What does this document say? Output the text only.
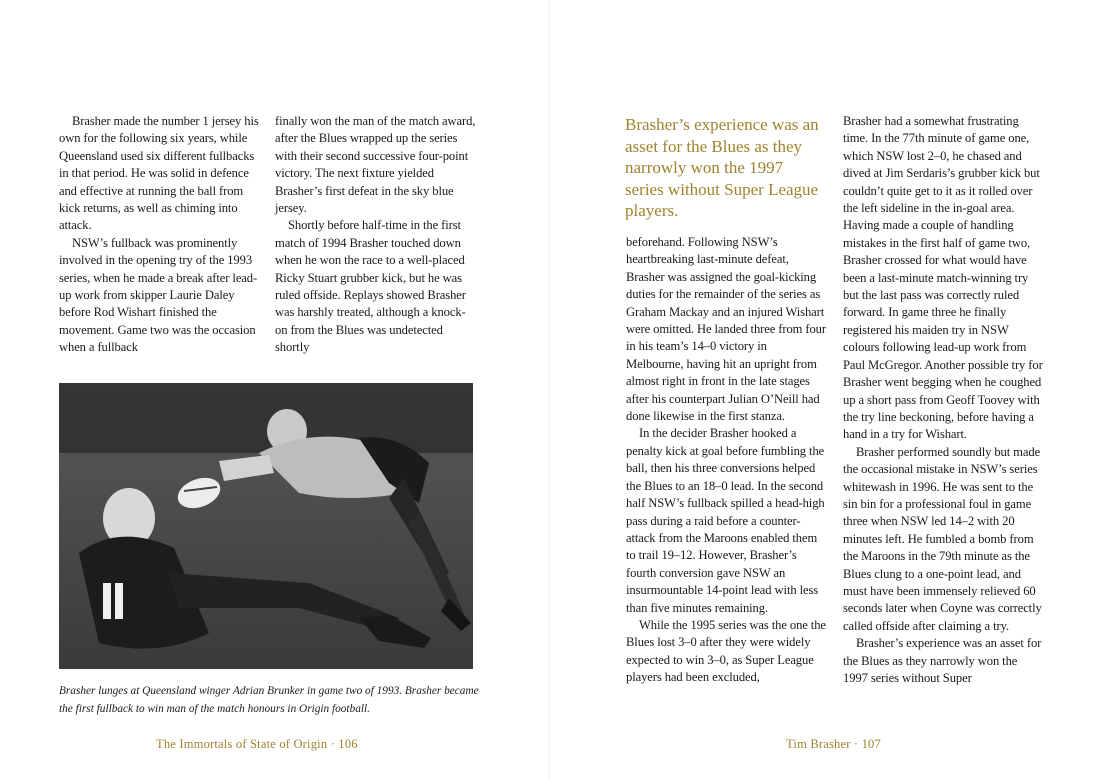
Brasher made the number 1 jersey his own for the following six years, while Queensland used six different fullbacks in that period. He was solid in defence and effective at running the ball from kick returns, as well as chiming into attack.

NSW’s fullback was prominently involved in the opening try of the 1993 series, when he made a break after lead-up work from skipper Laurie Daley before Rod Wishart finished the movement. Game two was the occasion when a fullback

finally won the man of the match award, after the Blues wrapped up the series with their second successive four-point victory. The next fixture yielded Brasher’s first defeat in the sky blue jersey.

Shortly before half-time in the first match of 1994 Brasher touched down when he won the race to a well-placed Ricky Stuart grubber kick, but he was ruled offside. Replays showed Brasher was harshly treated, although a knock-on from the Blues was undetected shortly

Brasher lunges at Queensland winger Adrian Brunker in game two of 1993. Brasher became the first fullback to win man of the match honours in Origin football.
The Immortals of State of Origin · 106
Brasher’s experience was an asset for the Blues as they narrowly won the 1997 series without Super League players.

beforehand. Following NSW’s heartbreaking last-minute defeat, Brasher was assigned the goal-kicking duties for the remainder of the series as Graham Mackay and an injured Wishart were omitted. He landed three from four in his team’s 14–0 victory in Melbourne, having hit an upright from almost right in front in the late stages after his counterpart Julian O’Neill had done likewise in the first stanza.

In the decider Brasher hooked a penalty kick at goal before fumbling the ball, then his three conversions helped the Blues to an 18–0 lead. In the second half NSW’s fullback spilled a head-high pass during a raid before a counter-attack from the Maroons enabled them to trail 19–12. However, Brasher’s fourth conversion gave NSW an insurmountable 14-point lead with less than five minutes remaining.

While the 1995 series was the one the Blues lost 3–0 after they were widely expected to win 3–0, as Super League players had been excluded,

Brasher had a somewhat frustrating time. In the 77th minute of game one, which NSW lost 2–0, he chased and dived at Jim Serdaris’s grubber kick but couldn’t quite get to it as it rolled over the left sideline in the in-goal area. Having made a couple of handling mistakes in the first half of game two, Brasher crossed for what would have been a last-minute match-winning try but the last pass was correctly ruled forward. In game three he finally registered his maiden try in NSW colours following lead-up work from Paul McGregor. Another possible try for Brasher went begging when he coughed up a short pass from Geoff Toovey with the try line beckoning, before having a hand in a try for Wishart.

Brasher performed soundly but made the occasional mistake in NSW’s series whitewash in 1996. He was sent to the sin bin for a professional foul in game three when NSW led 14–2 with 20 minutes left. He fumbled a bomb from the Maroons in the 79th minute as the Blues clung to a one-point lead, and must have been immensely relieved 60 seconds later when Coyne was correctly called offside after claiming a try.

Brasher’s experience was an asset for the Blues as they narrowly won the 1997 series without Super

Tim Brasher · 107
